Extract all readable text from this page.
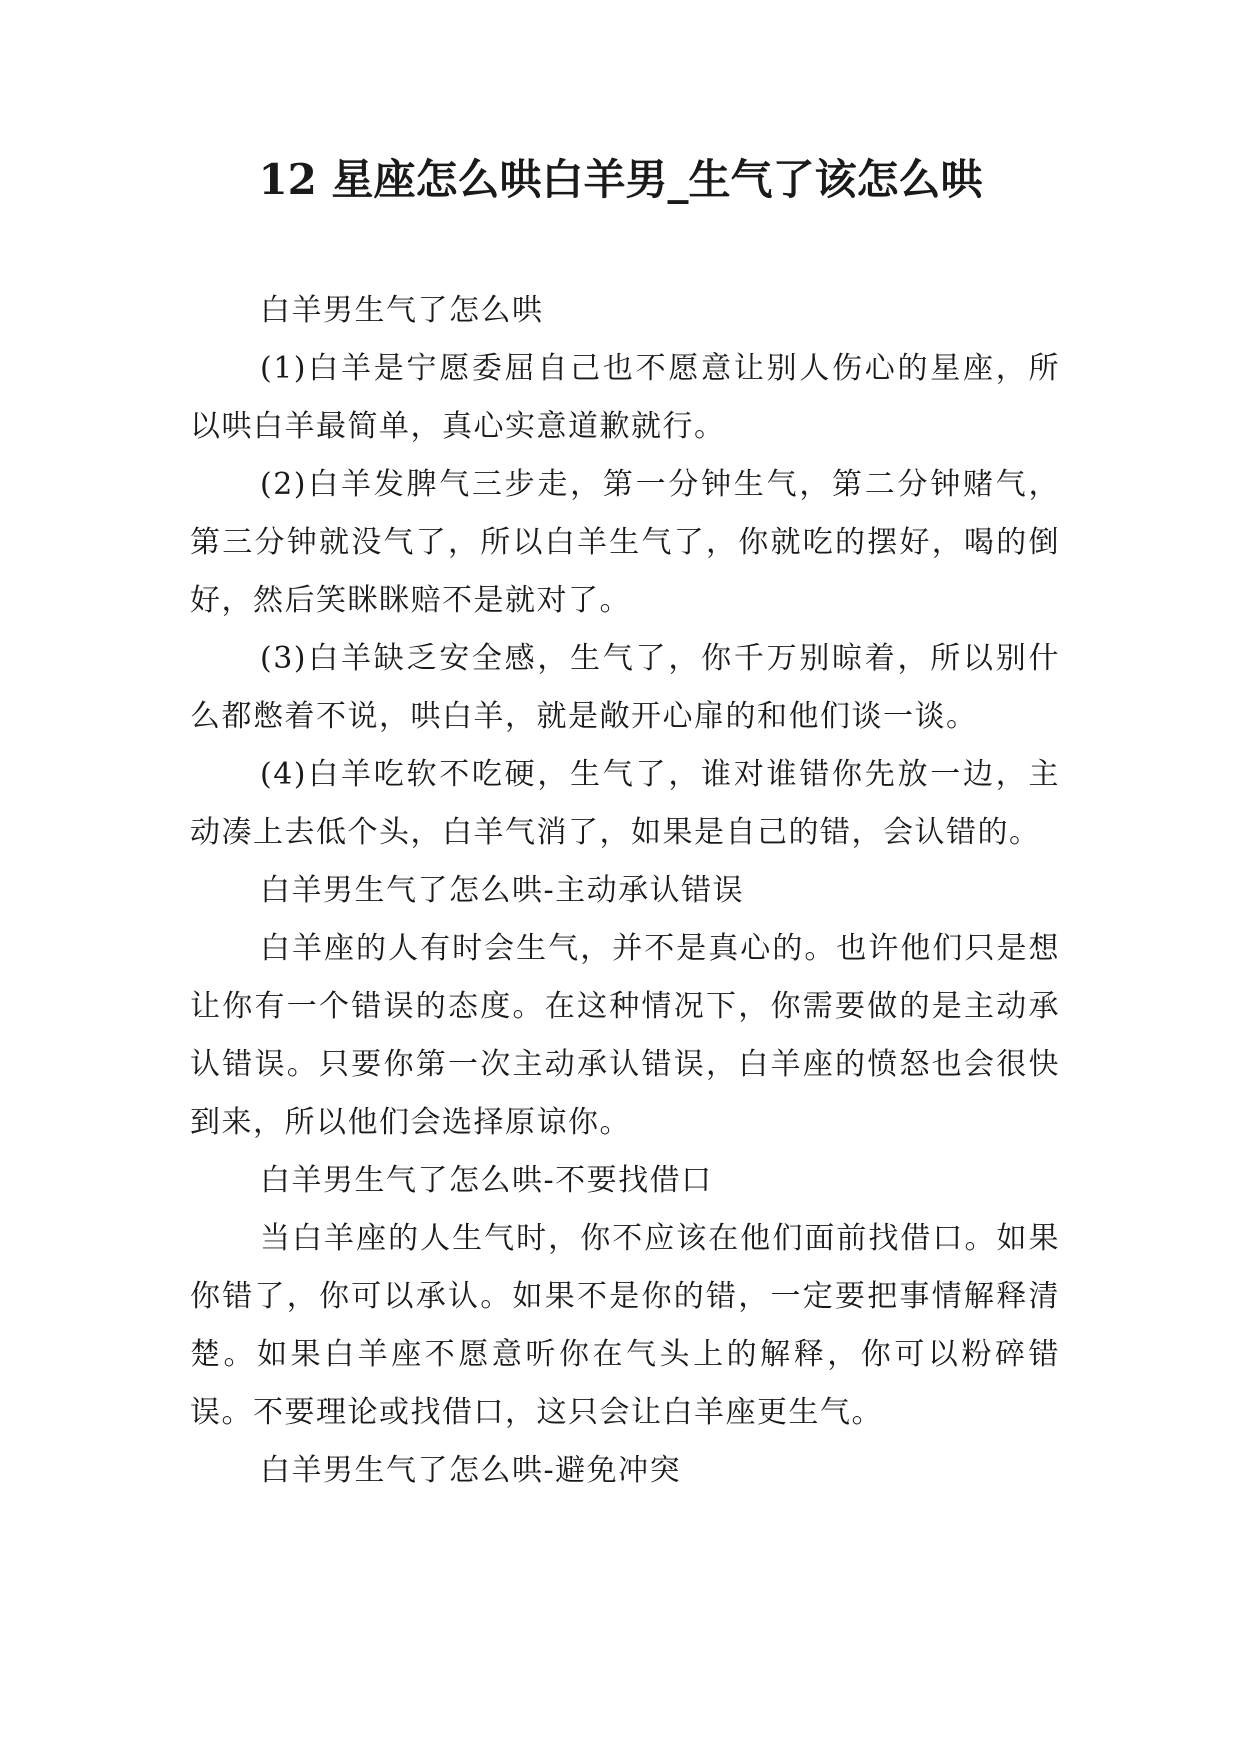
12 星座怎么哄白羊男_生气了该怎么哄

白羊男生气了怎么哄

(1)白羊是宁愿委屈自己也不愿意让别人伤心的星座，所以哄白羊最简单，真心实意道歉就行。

(2)白羊发脾气三步走，第一分钟生气，第二分钟赌气，第三分钟就没气了，所以白羊生气了，你就吃的摆好，喝的倒好，然后笑眯眯赔不是就对了。

(3)白羊缺乏安全感，生气了，你千万别晾着，所以别什么都憋着不说，哄白羊，就是敞开心扉的和他们谈一谈。

(4)白羊吃软不吃硬，生气了，谁对谁错你先放一边，主动凑上去低个头，白羊气消了，如果是自己的错，会认错的。

白羊男生气了怎么哄-主动承认错误

白羊座的人有时会生气，并不是真心的。也许他们只是想让你有一个错误的态度。在这种情况下，你需要做的是主动承认错误。只要你第一次主动承认错误，白羊座的愤怒也会很快到来，所以他们会选择原谅你。

白羊男生气了怎么哄-不要找借口

当白羊座的人生气时，你不应该在他们面前找借口。如果你错了，你可以承认。如果不是你的错，一定要把事情解释清楚。如果白羊座不愿意听你在气头上的解释，你可以粉碎错误。不要理论或找借口，这只会让白羊座更生气。

白羊男生气了怎么哄-避免冲突
